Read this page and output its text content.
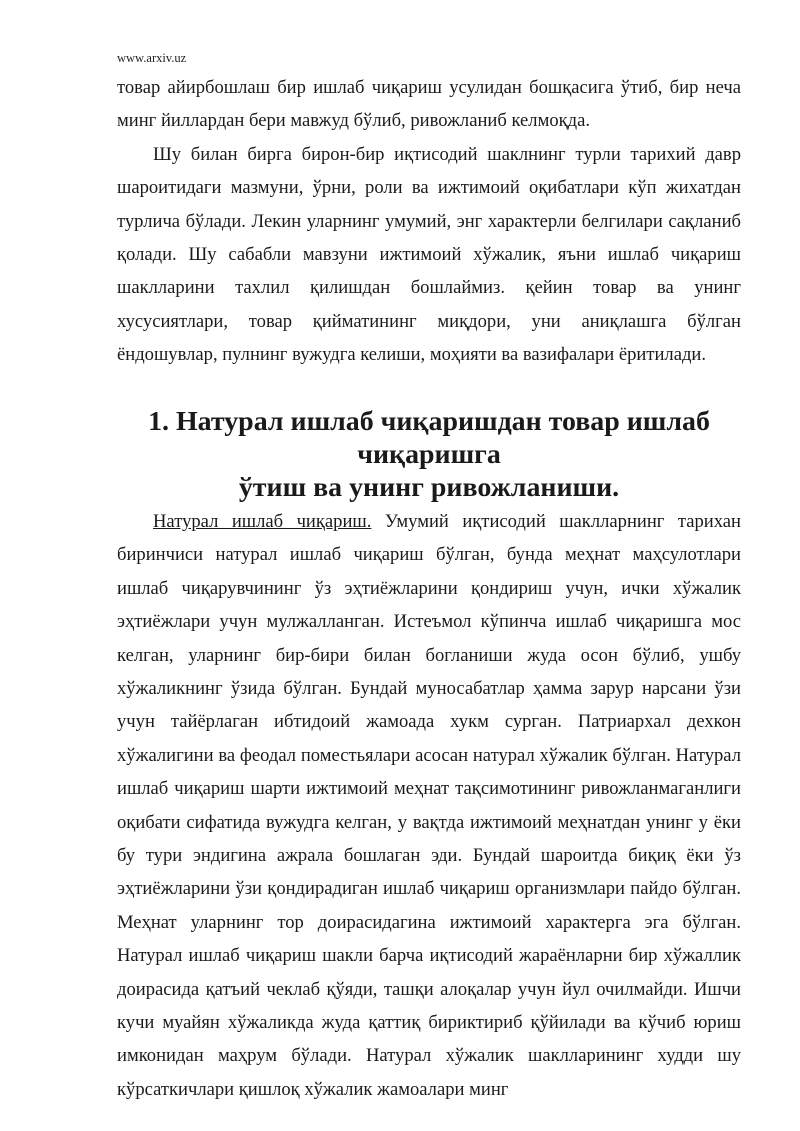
www.arxiv.uz

товар айирбошлаш бир ишлаб чиқариш усулидан бошқасига ўтиб, бир неча минг йиллардан бери мавжуд бўлиб, ривожланиб келмоқда.

Шу билан бирга бирон-бир иқтисодий шаклнинг турли тарихий давр шароитидаги мазмуни, ўрни, роли ва ижтимоий оқибатлари кўп жихатдан турлича бўлади. Лекин уларнинг умумий, энг характерли белгилари сақланиб қолади. Шу сабабли мавзуни ижтимоий хўжалик, яъни ишлаб чиқариш шаклларини тахлил қилишдан бошлаймиз. қейин товар ва унинг хусусиятлари, товар қийматининг миқдори, уни аниқлашга бўлган ёндошувлар, пулнинг вужудга келиши, моҳияти ва вазифалари ёритилади.

1. Натурал ишлаб чиқаришдан товар ишлаб чиқаришга
ўтиш ва унинг ривожланиши.

Натурал ишлаб чиқариш. Умумий иқтисодий шаклларнинг тарихан биринчиси натурал ишлаб чиқариш бўлган, бунда меҳнат маҳсулотлари ишлаб чиқарувчининг ўз эҳтиёжларини қондириш учун, ички хўжалик эҳтиёжлари учун мулжалланган. Истеъмол кўпинча ишлаб чиқаришга мос келган, уларнинг бир-бири билан богланиши жуда осон бўлиб, ушбу хўжаликнинг ўзида бўлган. Бундай муносабатлар ҳамма зарур нарсани ўзи учун тайёрлаган ибтидоий жамоада хукм сурган. Патриархал дехкон хўжалигини ва феодал поместьялари асосан натурал хўжалик бўлган. Натурал ишлаб чиқариш шарти ижтимоий меҳнат тақсимотининг ривожланмаганлиги оқибати сифатида вужудга келган, у вақтда ижтимоий меҳнатдан унинг у ёки бу тури эндигина ажрала бошлаган эди. Бундай шароитда биқиқ ёки ўз эҳтиёжларини ўзи қондирадиган ишлаб чиқариш организмлари пайдо бўлган. Меҳнат уларнинг тор доирасидагина ижтимоий характерга эга бўлган. Натурал ишлаб чиқариш шакли барча иқтисодий жараёнларни бир хўжаллик доирасида қатъий чеклаб қўяди, ташқи алоқалар учун йул очилмайди. Ишчи кучи муайян хўжаликда жуда қаттиқ бириктириб қўйилади ва кўчиб юриш имконидан маҳрум бўлади. Натурал хўжалик шаклларининг худди шу кўрсаткичлари қишлоқ хўжалик жамоалари минг
